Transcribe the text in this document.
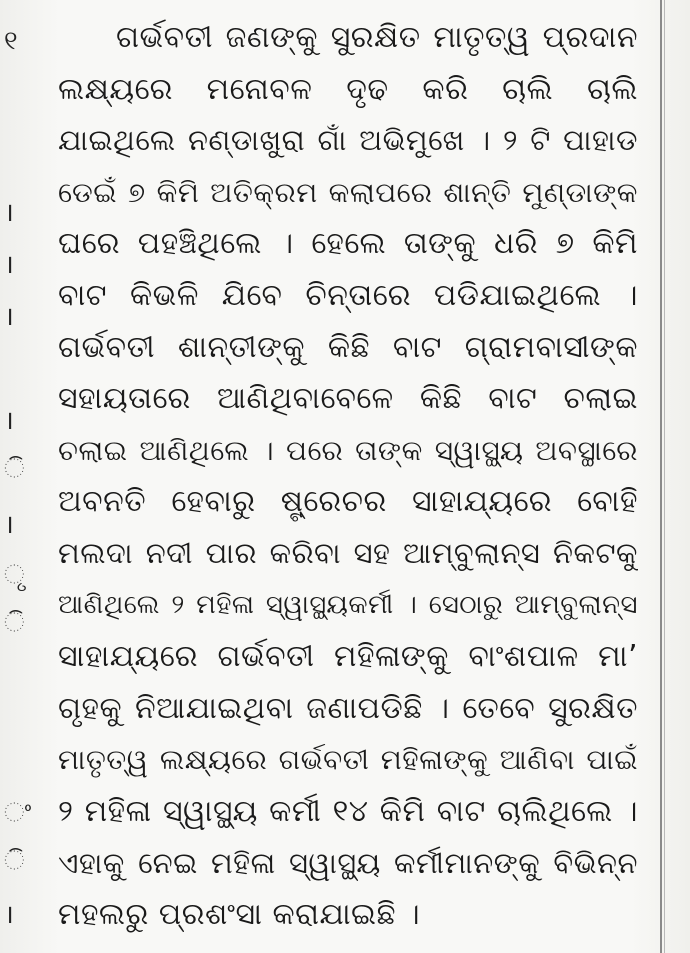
୧
।
।
।
।
ି
।
ୃ
ି
ଂ
ି
।
ଗର୍ଭବତୀ ଜଣଙ୍କୁ ସୁରକ୍ଷିତ ମାତୃତ୍ୱ ପ୍ରଦାନ
ଲକ୍ଷ୍ୟରେ ମନୋବଳ ଦୃଢ କରି ଚାଲି ଚାଲି
ଯାଇଥିଲେ ନଣ୍ଡାଖୁରା ଗାଁ ଅଭିମୁଖେ । ୨ ଟି ପାହାଡ
ଡେଇଁ ୭ କିମି ଅତିକ୍ରମ କଲାପରେ ଶାନ୍ତି ମୁଣ୍ଡାଙ୍କ
ଘରେ ପହଞ୍ଚିଥିଲେ । ହେଲେ ତାଙ୍କୁ ଧରି ୭ କିମି
ବାଟ କିଭଳି ଯିବେ ଚିନ୍ତାରେ ପଡିଯାଇଥିଲେ ।
ଗର୍ଭବତୀ ଶାନ୍ତୀଙ୍କୁ କିଛି ବାଟ ଗ୍ରାମବାସୀଙ୍କ
ସହାୟତାରେ ଆଣିଥିବାବେଳେ କିଛି ବାଟ ଚଲାଇ
ଚଲାଇ ଆଣିଥିଲେ । ପରେ ତାଙ୍କ ସ୍ୱାସ୍ଥ୍ୟ ଅବସ୍ଥାରେ
ଅବନତି ହେବାରୁ ଷ୍ଟ୍ରେଚର ସାହାଯ୍ୟରେ ବୋହି
ମଲଦା ନଦୀ ପାର କରିବା ସହ ଆମ୍ବୁଲାନ୍ସ ନିକଟକୁ
ଆଣିଥିଲେ ୨ ମହିଳା ସ୍ୱାସ୍ଥ୍ୟକର୍ମୀ । ସେଠାରୁ ଆମ୍ବୁଲାନ୍ସ
ସାହାଯ୍ୟରେ ଗର୍ଭବତୀ ମହିଳାଙ୍କୁ ବାଂଶପାଳ ମା’
ଗୃହକୁ ନିଆଯାଇଥିବା ଜଣାପଡିଛି । ତେବେ ସୁରକ୍ଷିତ
ମାତୃତ୍ୱ ଲକ୍ଷ୍ୟରେ ଗର୍ଭବତୀ ମହିଳାଙ୍କୁ ଆଣିବା ପାଇଁ
୨ ମହିଳା ସ୍ୱାସ୍ଥ୍ୟ କର୍ମୀ ୧୪ କିମି ବାଟ ଚାଲିଥିଲେ ।
ଏହାକୁ ନେଇ ମହିଳା ସ୍ୱାସ୍ଥ୍ୟ କର୍ମୀମାନଙ୍କୁ ବିଭିନ୍ନ
ମହଲରୁ ପ୍ରଶଂସା କରାଯାଇଛି ।
